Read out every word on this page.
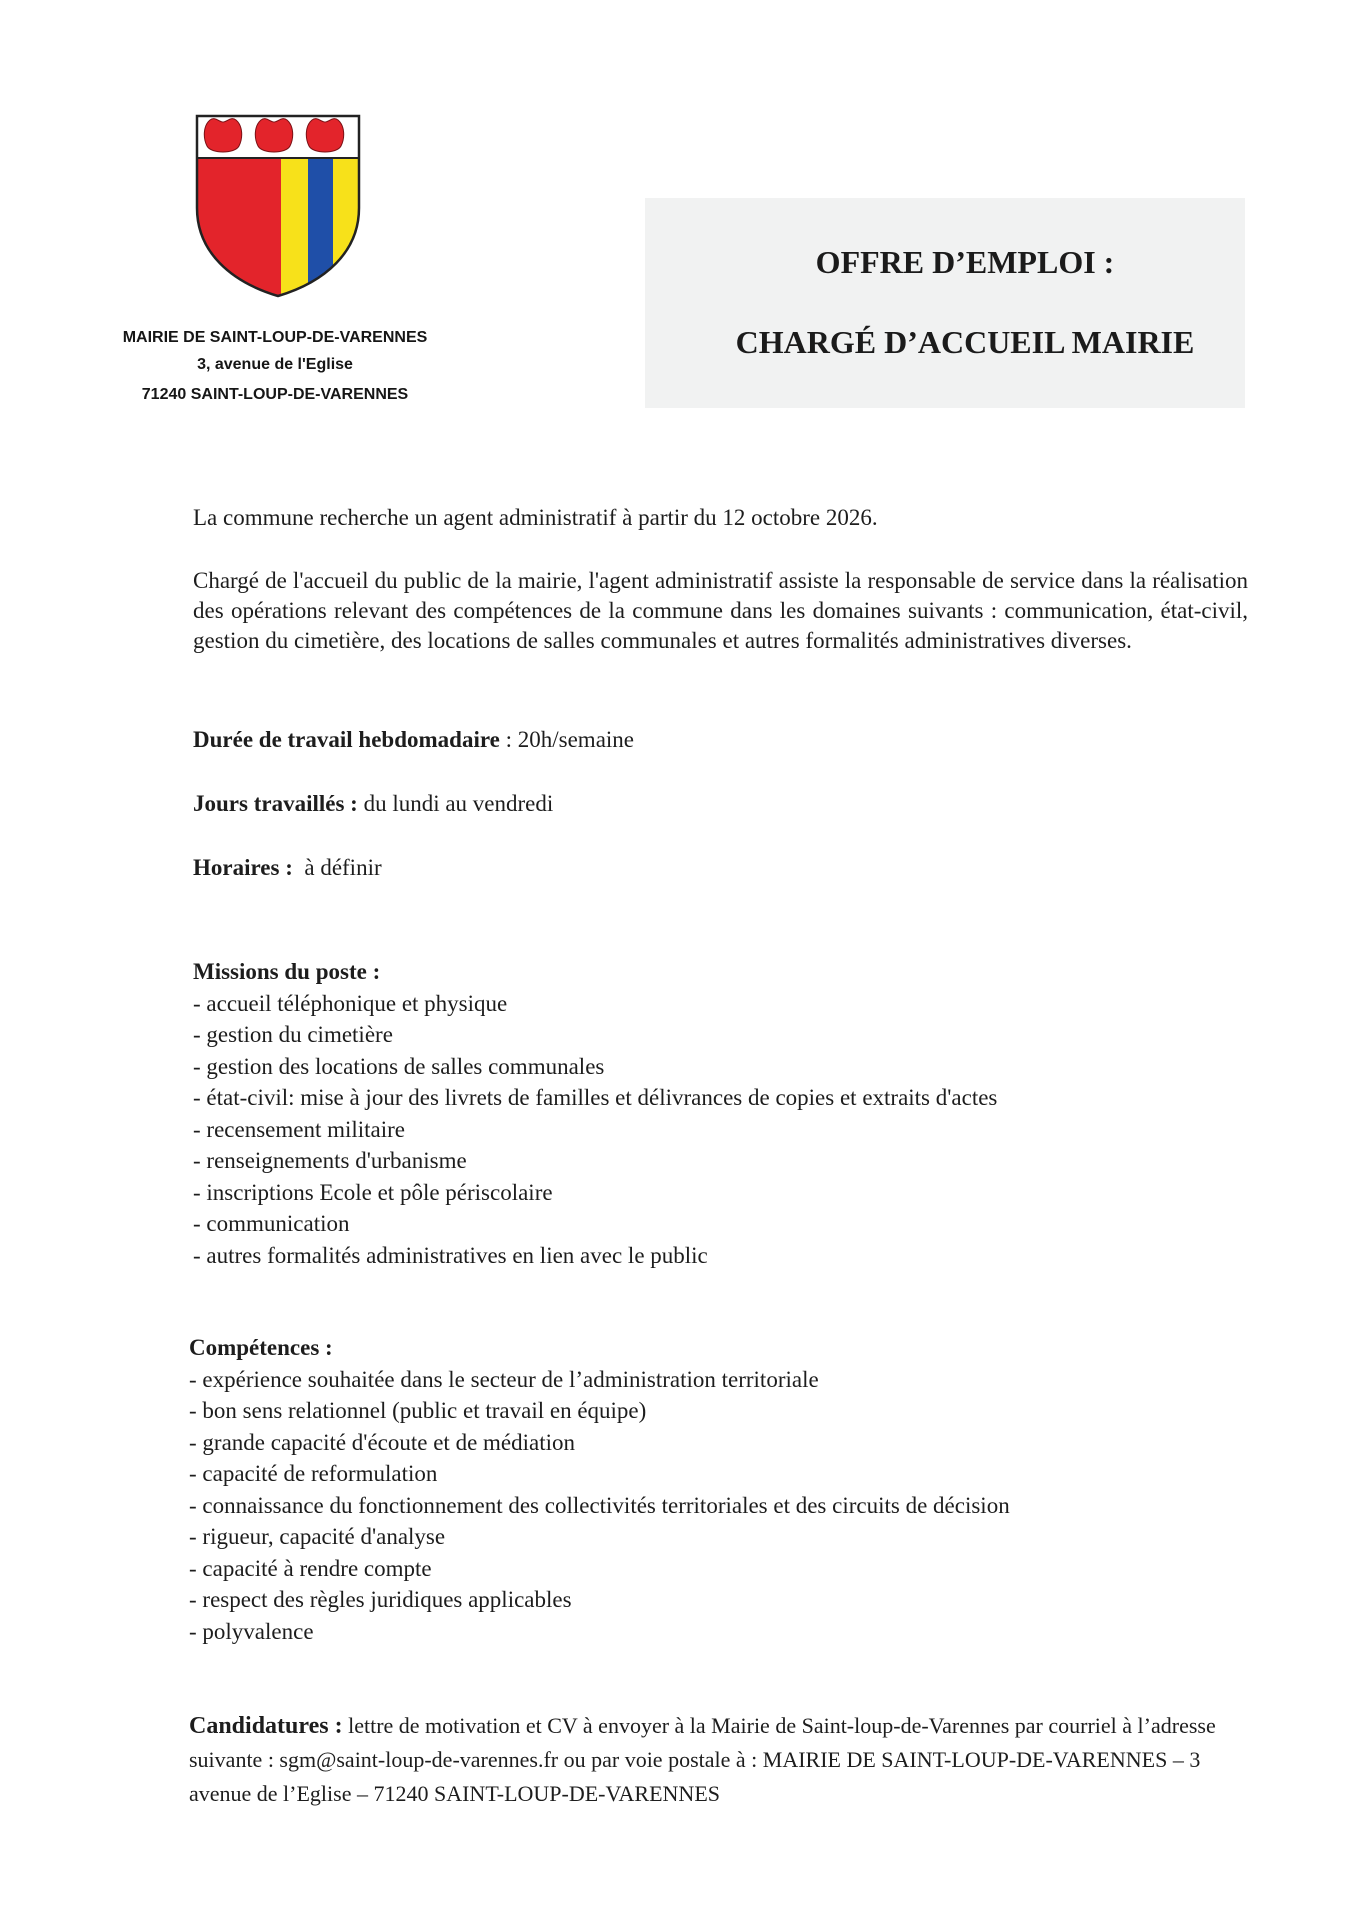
MAIRIE DE SAINT-LOUP-DE-VARENNES
3, avenue de l'Eglise
71240 SAINT-LOUP-DE-VARENNES
OFFRE D’EMPLOI :
CHARGÉ D’ACCUEIL MAIRIE
La commune recherche un agent administratif à partir du 12 octobre 2026.
Chargé de l'accueil du public de la mairie, l'agent administratif assiste la responsable de service dans la réalisation des opérations relevant des compétences de la commune dans les domaines suivants : communication, état-civil, gestion du cimetière, des locations de salles communales et autres formalités administratives diverses.
Durée de travail hebdomadaire : 20h/semaine
Jours travaillés : du lundi au vendredi
Horaires :  à définir
Missions du poste :
- accueil téléphonique et physique
- gestion du cimetière
- gestion des locations de salles communales
- état-civil: mise à jour des livrets de familles et délivrances de copies et extraits d'actes
- recensement militaire
- renseignements d'urbanisme
- inscriptions Ecole et pôle périscolaire
- communication
- autres formalités administratives en lien avec le public
Compétences :
- expérience souhaitée dans le secteur de l’administration territoriale
- bon sens relationnel (public et travail en équipe)
- grande capacité d'écoute et de médiation
- capacité de reformulation
- connaissance du fonctionnement des collectivités territoriales et des circuits de décision
- rigueur, capacité d'analyse
- capacité à rendre compte
- respect des règles juridiques applicables
- polyvalence
Candidatures : lettre de motivation et CV à envoyer à la Mairie de Saint-loup-de-Varennes par courriel à l’adresse suivante : sgm@saint-loup-de-varennes.fr ou par voie postale à : MAIRIE DE SAINT-LOUP-DE-VARENNES – 3 avenue de l’Eglise – 71240 SAINT-LOUP-DE-VARENNES
